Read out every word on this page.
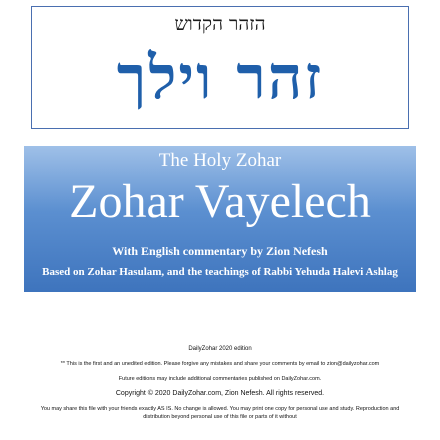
הזהר הקדוש
זהר וילך
The Holy Zohar
Zohar Vayelech
With English commentary by Zion Nefesh
Based on Zohar Hasulam, and the teachings of Rabbi Yehuda Halevi Ashlag

DailyZohar 2020 edition

** This is the first and an unedited edition. Please forgive any mistakes and share your comments by email to zion@dailyzohar.com

Future editions may include additional commentaries published on DailyZohar.com.

Copyright © 2020 DailyZohar.com, Zion Nefesh. All rights reserved.

You may share this file with your friends exactly AS IS. No change is allowed. You may print one copy for personal use and study. Reproduction and distribution beyond personal use of this file or parts of it without
